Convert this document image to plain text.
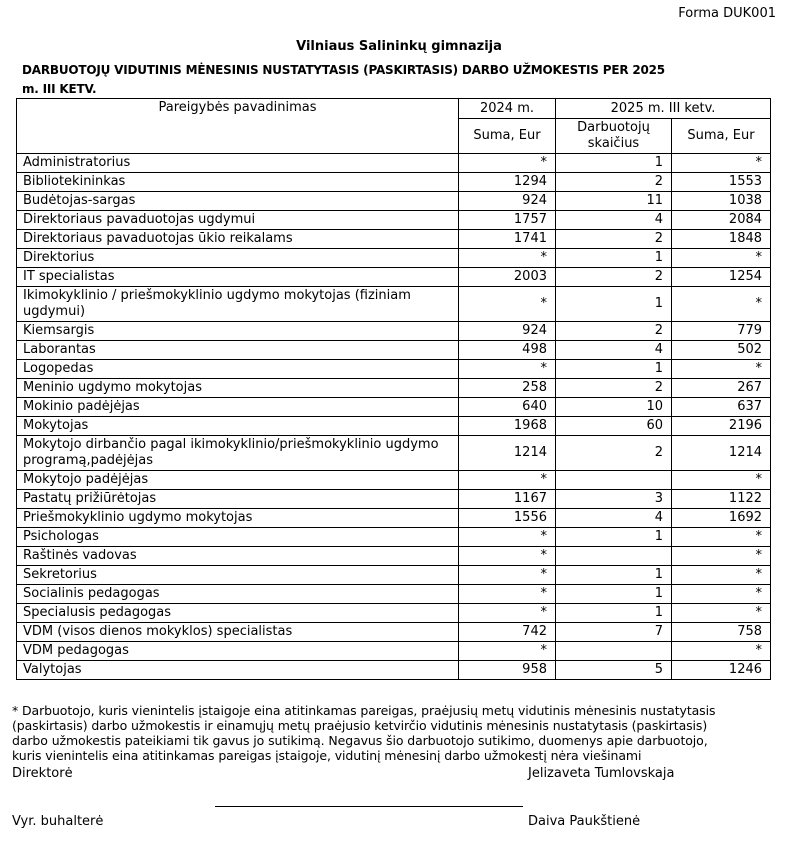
Forma DUK001
Vilniaus Salininkų gimnazija
DARBUOTOJŲ VIDUTINIS MĖNESINIS NUSTATYTASIS (PASKIRTASIS) DARBO UŽMOKESTIS PER 2025
m. III KETV.
Pareigybės pavadinimas	2024 m.	2025 m. III ketv.	
	Suma, Eur	Darbuotojų skaičius	Suma, Eur
Administratorius	*	1	*
Bibliotekininkas	1294	2	1553
Budėtojas-sargas	924	11	1038
Direktoriaus pavaduotojas ugdymui	1757	4	2084
Direktoriaus pavaduotojas ūkio reikalams	1741	2	1848
Direktorius	*	1	*
IT specialistas	2003	2	1254
Ikimokyklinio / priešmokyklinio ugdymo mokytojas (fiziniam ugdymui)	*	1	*
Kiemsargis	924	2	779
Laborantas	498	4	502
Logopedas	*	1	*
Meninio ugdymo mokytojas	258	2	267
Mokinio padėjėjas	640	10	637
Mokytojas	1968	60	2196
Mokytojo dirbančio pagal ikimokyklinio/priešmokyklinio ugdymo programą,padėjėjas	1214	2	1214
Mokytojo padėjėjas	*		*
Pastatų prižiūrėtojas	1167	3	1122
Priešmokyklinio ugdymo mokytojas	1556	4	1692
Psichologas	*	1	*
Raštinės vadovas	*		*
Sekretorius	*	1	*
Socialinis pedagogas	*	1	*
Specialusis pedagogas	*	1	*
VDM (visos dienos mokyklos) specialistas	742	7	758
VDM pedagogas	*		*
Valytojas	958	5	1246
* Darbuotojo, kuris vienintelis įstaigoje eina atitinkamas pareigas, praėjusių metų vidutinis mėnesinis nustatytasis
(paskirtasis) darbo užmokestis ir einamųjų metų praėjusio ketvirčio vidutinis mėnesinis nustatytasis (paskirtasis)
darbo užmokestis pateikiami tik gavus jo sutikimą. Negavus šio darbuotojo sutikimo, duomenys apie darbuotojo,
kuris vienintelis eina atitinkamas pareigas įstaigoje, vidutinį mėnesinį darbo užmokestį nėra viešinami
Direktorė	Jelizaveta Tumlovskaja
Vyr. buhalterė	Daiva Paukštienė
